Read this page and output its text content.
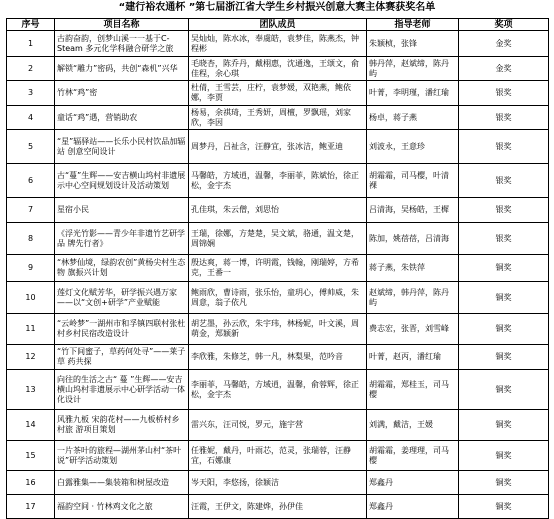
“建行裕农通杯 ”第七届浙江省大学生乡村振兴创意大赛主体赛获奖名单
序号	项目名称	团队成员	指导老师	奖项
1	古韵奋韵，创梦山溪一一基于C-Steam 多元化学科融合研学之旅	吴灿灿，陈水冰，奉虞皓，袁梦佳，陈燕杰，钟程彬	朱颖桢，张锋	金奖
2	解锁“雕力”密码，共创“森机”兴华	毛晓杏，陈乔丹，戴栩惠，沈通逸，王颂文，俞佳程，余心琪	韩丹萍，赵斌缔，陈丹屿	金奖
3	竹林“鸡”密	杜倩，王雪芸，庄柠，袁梦媛，双艳燕，鲍依娜，李贾	叶菁，李明瑾，潘红瑜	银奖
4	童话“鸡”遇，营销助农	杨易，余祺琦，王秀妍，周檀，罗飘瑶，刘家欣，李因	杨卓，蒋子燕	银奖
5	“星”辐驿站——长乐小民村饮品加辐站 创意空间设计	周梦丹，吕祉含，汪静宜，张冰洁，鲍亚迪	刘波永，王意珍	银奖
6	古“蔓”生辉——安吉横山坞村非遗展示中心空间规划设计及活动策划	马馨皓，方域逍，温馨，李丽菲，陈斌怡，徐正松，金宇杰	胡霜霜，司马樱，叶清裸	银奖
7	星宿小民	孔佳琪，朱云僧，刘思怡	吕清海，吴杨皓，王樨	银奖
8	《浮光竹影——青少年非遗竹艺研学品 牌先行者》	王瑞，徐娜，方楚楚，吴文斌，骆通，温文楚，周锦娴	陈加，姚蓓蓓，吕清海	银奖
9	“林梦仙境，绿韵农创”黄杨尖村生态物 旗振兴计划	殷达爽，蒋一博，许明霞，钱翰，刚瑞婷，方希克，王番一	蒋子燕，朱铁萍	铜奖
10	莲灯文化赋芳华，研学振兴遇万家——以“文创+研学”产业赋能	鲍雨欣，曹诗雨，张乐怡，童玥心，傅帅威，朱周意，翁子依凡	赵斌缔，韩丹萍，陈丹屿	铜奖
11	“云岭梦”一湖州市和孚镇四联村张杜村乡村民宿改造设计	胡艺墨，孙云欣，朱宇玮，林杨妮，叶文溪，周萌金，郑颖新	费志宏，张晋，刘雪峰	铜奖
12	“竹下间蜜子，草药何处寻”——莱子草 药共探	李欣雅，朱修芝，韩一凡，林梨果，范吟音	叶菁，赵丙，潘红瑜	铜奖
13	向往的生活之古“ 蔓 ”生辉——安吉横山坞村非遗展示中心研学活动一体化设计	李丽菲，马馨皓，方域逍，温馨，俞蓉辉，徐正松，金宇杰	胡霜霜，郑桂玉，司马樱	铜奖
14	风雅九板 宋韵花村——九板桥村乡村旅 游项目策划	雷兴东，汪司悦，罗元，施宇营	刘满，戴洁，王媛	铜奖
15	一片茶叶的旅程—湖州茅山村“茶叶说”研学活动策划	任雅妮，戴丹，叶雨芯，范灵，张瑞蓉，汪静宜，石娜康	胡霜霜，姜理理，司马樱	铜奖
16	白露雅集——集装箱和树屋改造	岑天阳，李悠扬，徐颖洁	郑鑫丹	铜奖
17	福韵空间 · 竹林鸡文化之旅	汪霞，王伊文，陈建烨，孙伊佳	郑鑫丹	铜奖
